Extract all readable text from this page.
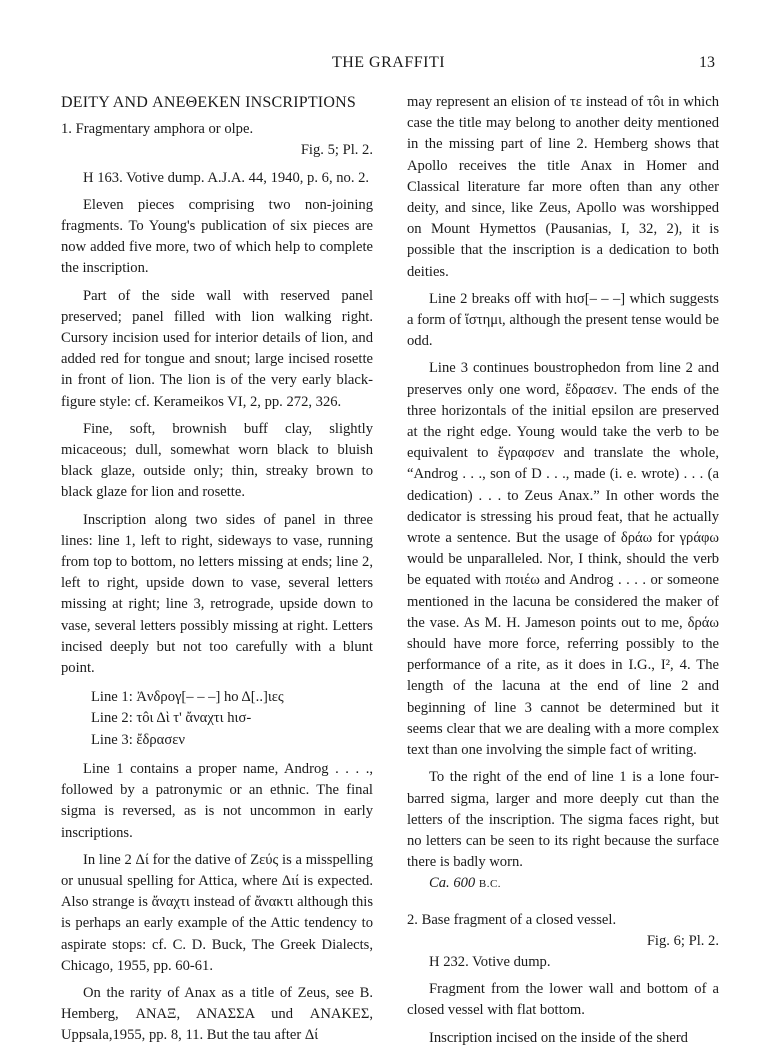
THE GRAFFITI	13
DEITY AND ΑΝΕΘΕΚΕΝ INSCRIPTIONS

1. Fragmentary amphora or olpe.

Fig. 5; Pl. 2.

H 163. Votive dump. A.J.A. 44, 1940, p. 6, no. 2.

Eleven pieces comprising two non-joining fragments. To Young's publication of six pieces are now added five more, two of which help to complete the inscription.

Part of the side wall with reserved panel preserved; panel filled with lion walking right. Cursory incision used for interior details of lion, and added red for tongue and snout; large incised rosette in front of lion. The lion is of the very early black-figure style: cf. Kerameikos VI, 2, pp. 272, 326.

Fine, soft, brownish buff clay, slightly micaceous; dull, somewhat worn black to bluish black glaze, outside only; thin, streaky brown to black glaze for lion and rosette.

Inscription along two sides of panel in three lines: line 1, left to right, sideways to vase, running from top to bottom, no letters missing at ends; line 2, left to right, upside down to vase, several letters missing at right; line 3, retrograde, upside down to vase, several letters possibly missing at right. Letters incised deeply but not too carefully with a blunt point.

Line 1: Ἀνδρογ[– – –] hο Δ[..]ιες
Line 2: τôι Δὶ τ' ἄναχτι hισ-
Line 3: ἔδρασεν

Line 1 contains a proper name, Androg . . . ., followed by a patronymic or an ethnic. The final sigma is reversed, as is not uncommon in early inscriptions.

In line 2 Δί for the dative of Ζεύς is a misspelling or unusual spelling for Attica, where Διί is expected. Also strange is ἄναχτι instead of ἄνακτι although this is perhaps an early example of the Attic tendency to aspirate stops: cf. C. D. Buck, The Greek Dialects, Chicago, 1955, pp. 60-61.

On the rarity of Anax as a title of Zeus, see B. Hemberg, ΑΝΑΞ, ΑΝΑΣΣΑ und ΑΝΑΚΕΣ, Uppsala,1955, pp. 8, 11. But the tau after Δί

may represent an elision of τε instead of τôι in which case the title may belong to another deity mentioned in the missing part of line 2. Hemberg shows that Apollo receives the title Anax in Homer and Classical literature far more often than any other deity, and since, like Zeus, Apollo was worshipped on Mount Hymettos (Pausanias, I, 32, 2), it is possible that the inscription is a dedication to both deities.

Line 2 breaks off with hισ[– – –] which suggests a form of ἵστημι, although the present tense would be odd.

Line 3 continues boustrophedon from line 2 and preserves only one word, ἔδρασεν. The ends of the three horizontals of the initial epsilon are preserved at the right edge. Young would take the verb to be equivalent to ἔγραφσεν and translate the whole, “Androg . . ., son of D . . ., made (i. e. wrote) . . . (a dedication) . . . to Zeus Anax.” In other words the dedicator is stressing his proud feat, that he actually wrote a sentence. But the usage of δράω for γράφω would be unparalleled. Nor, I think, should the verb be equated with ποιέω and Androg . . . . or someone mentioned in the lacuna be considered the maker of the vase. As M. H. Jameson points out to me, δράω should have more force, referring possibly to the performance of a rite, as it does in I.G., I², 4. The length of the lacuna at the end of line 2 and beginning of line 3 cannot be determined but it seems clear that we are dealing with a more complex text than one involving the simple fact of writing.

To the right of the end of line 1 is a lone four-barred sigma, larger and more deeply cut than the letters of the inscription. The sigma faces right, but no letters can be seen to its right because the surface there is badly worn.

Ca. 600 B.C.

2. Base fragment of a closed vessel.

Fig. 6; Pl. 2.

H 232. Votive dump.

Fragment from the lower wall and bottom of a closed vessel with flat bottom.

Inscription incised on the inside of the sherd
